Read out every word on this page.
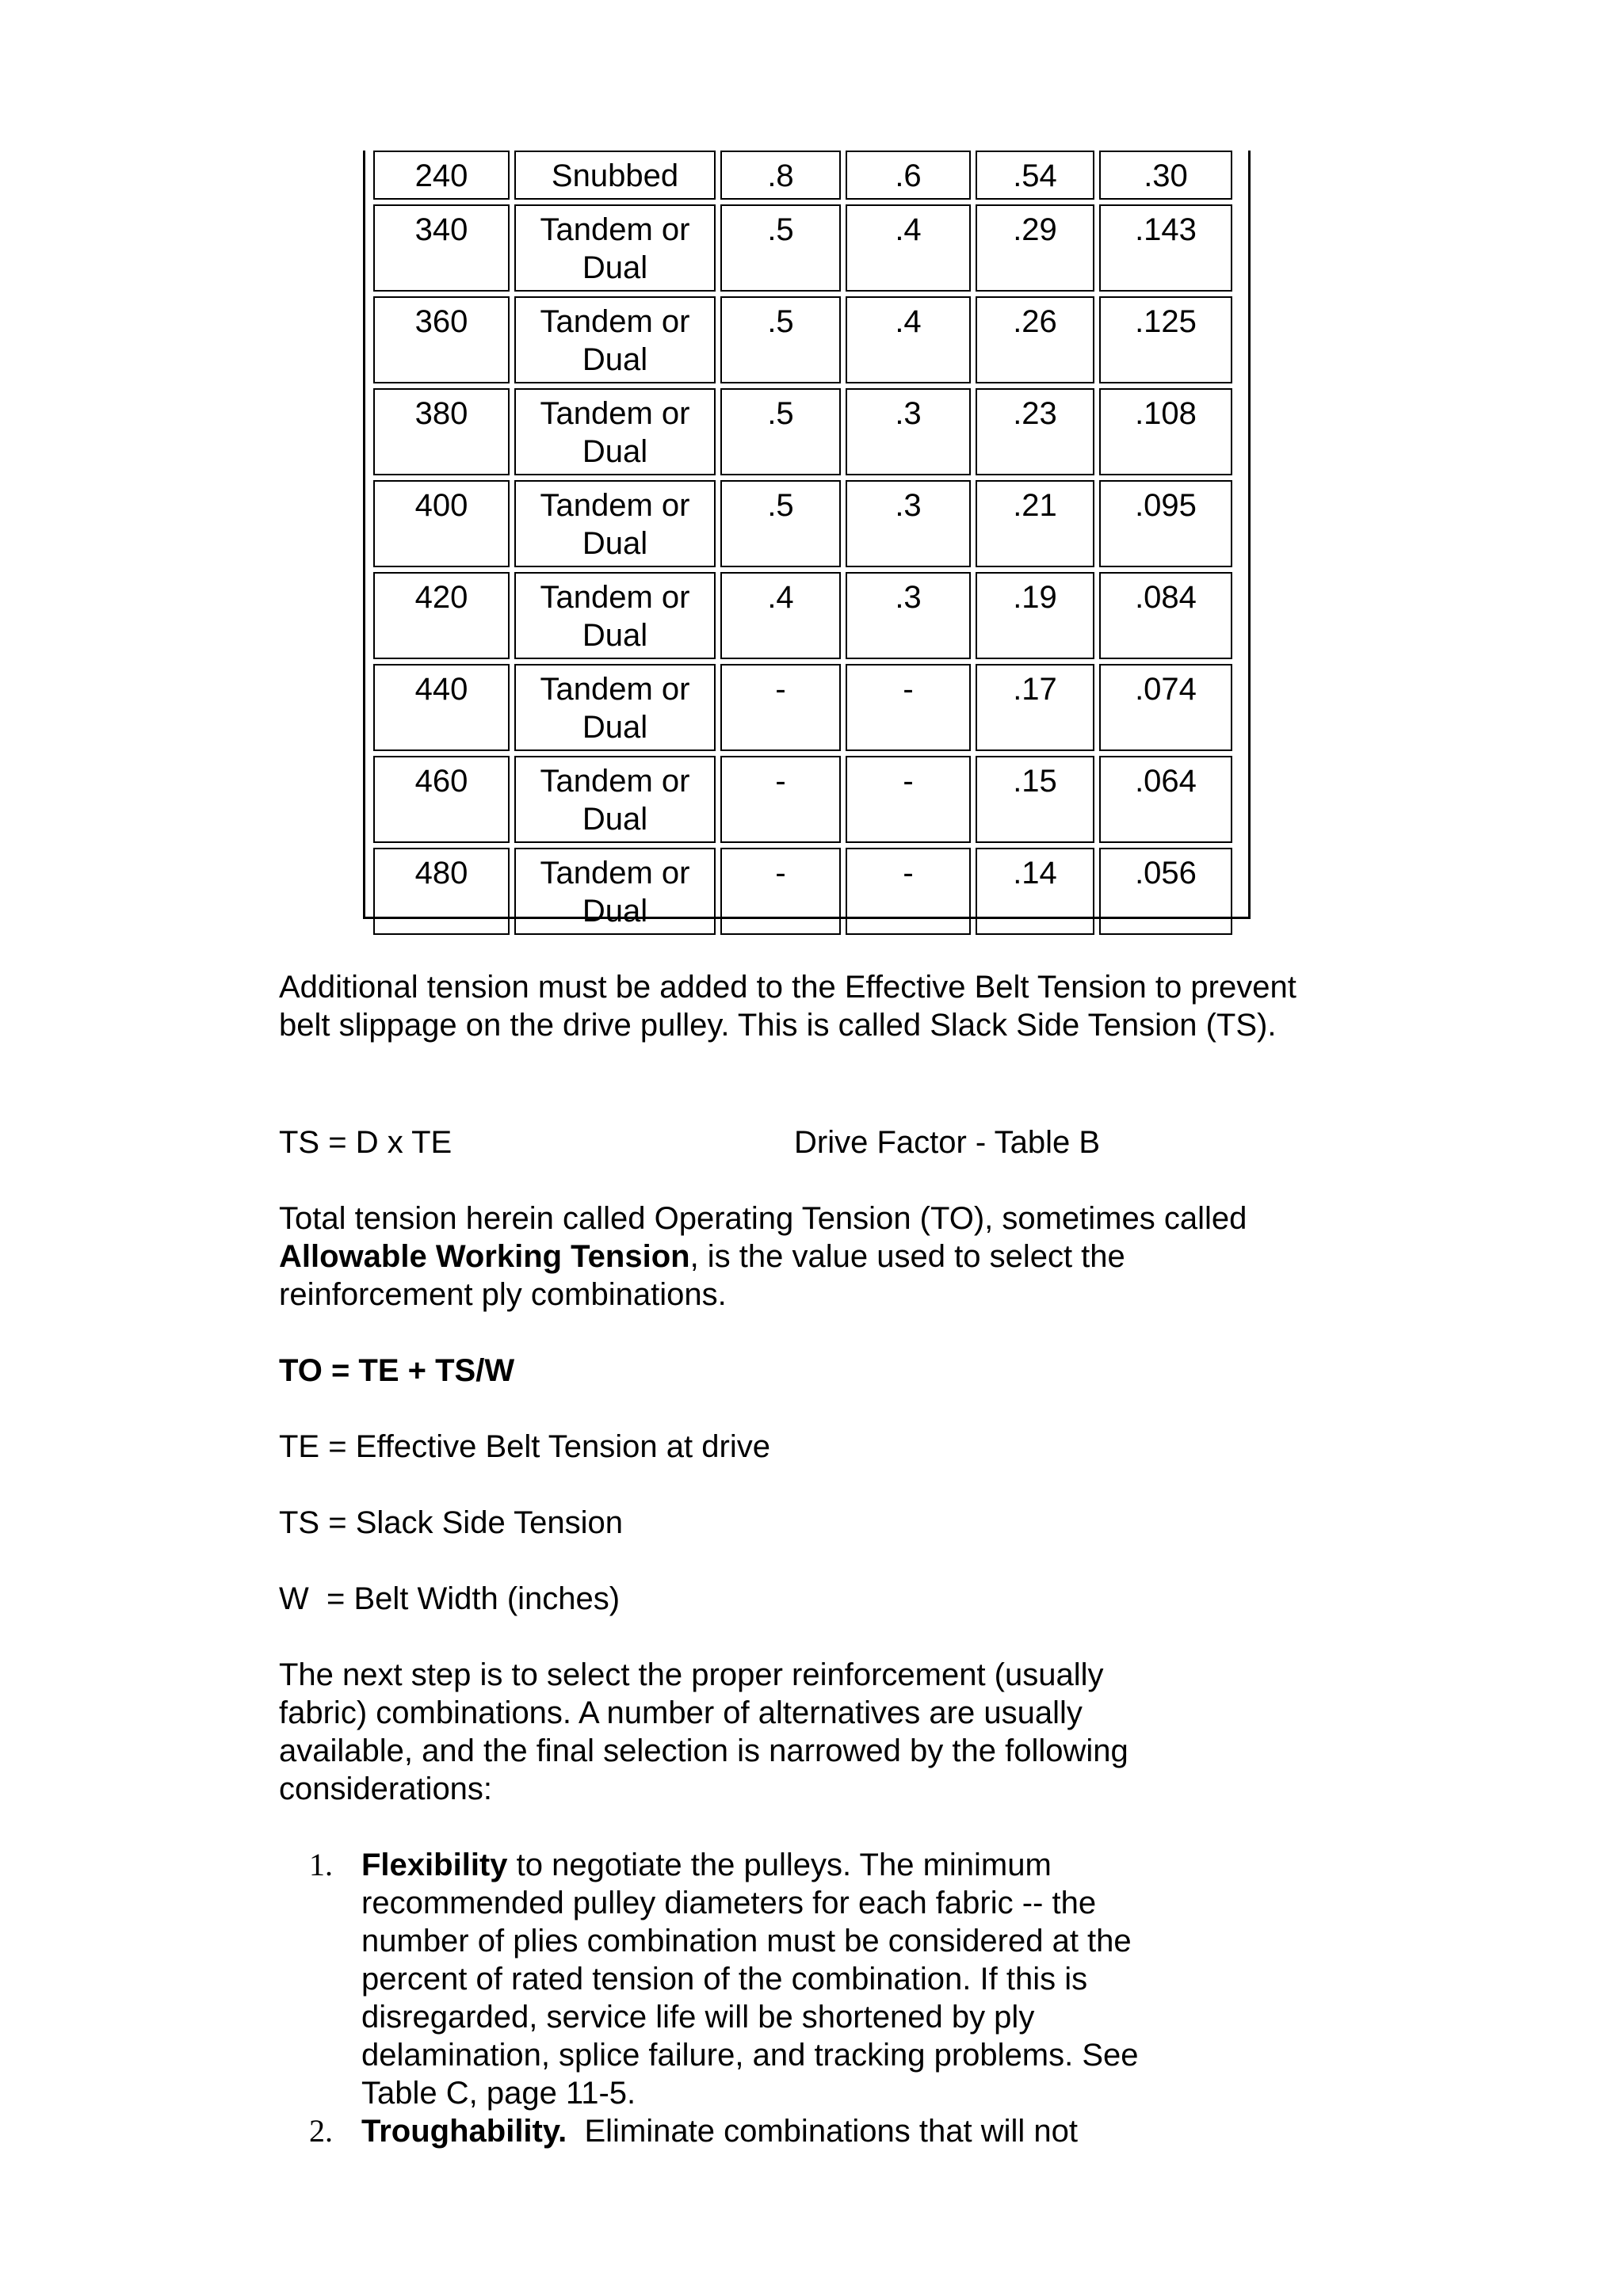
240	Snubbed	.8	.6	.54	.30
340	Tandem or Dual	.5	.4	.29	.143
360	Tandem or Dual	.5	.4	.26	.125
380	Tandem or Dual	.5	.3	.23	.108
400	Tandem or Dual	.5	.3	.21	.095
420	Tandem or Dual	.4	.3	.19	.084
440	Tandem or Dual	-	-	.17	.074
460	Tandem or Dual	-	-	.15	.064
480	Tandem or Dual	-	-	.14	.056

Additional tension must be added to the Effective Belt Tension to prevent belt slippage on the drive pulley. This is called Slack Side Tension (TS).

TS = D x TE	Drive Factor - Table B

Total tension herein called Operating Tension (TO), sometimes called Allowable Working Tension, is the value used to select the reinforcement ply combinations.

TO = TE + TS/W

TE = Effective Belt Tension at drive

TS = Slack Side Tension

W  = Belt Width (inches)

The next step is to select the proper reinforcement (usually fabric) combinations. A number of alternatives are usually available, and the final selection is narrowed by the following considerations:

1. Flexibility to negotiate the pulleys. The minimum recommended pulley diameters for each fabric -- the number of plies combination must be considered at the percent of rated tension of the combination. If this is disregarded, service life will be shortened by ply delamination, splice failure, and tracking problems. See Table C, page 11-5.
2. Troughability.  Eliminate combinations that will not
